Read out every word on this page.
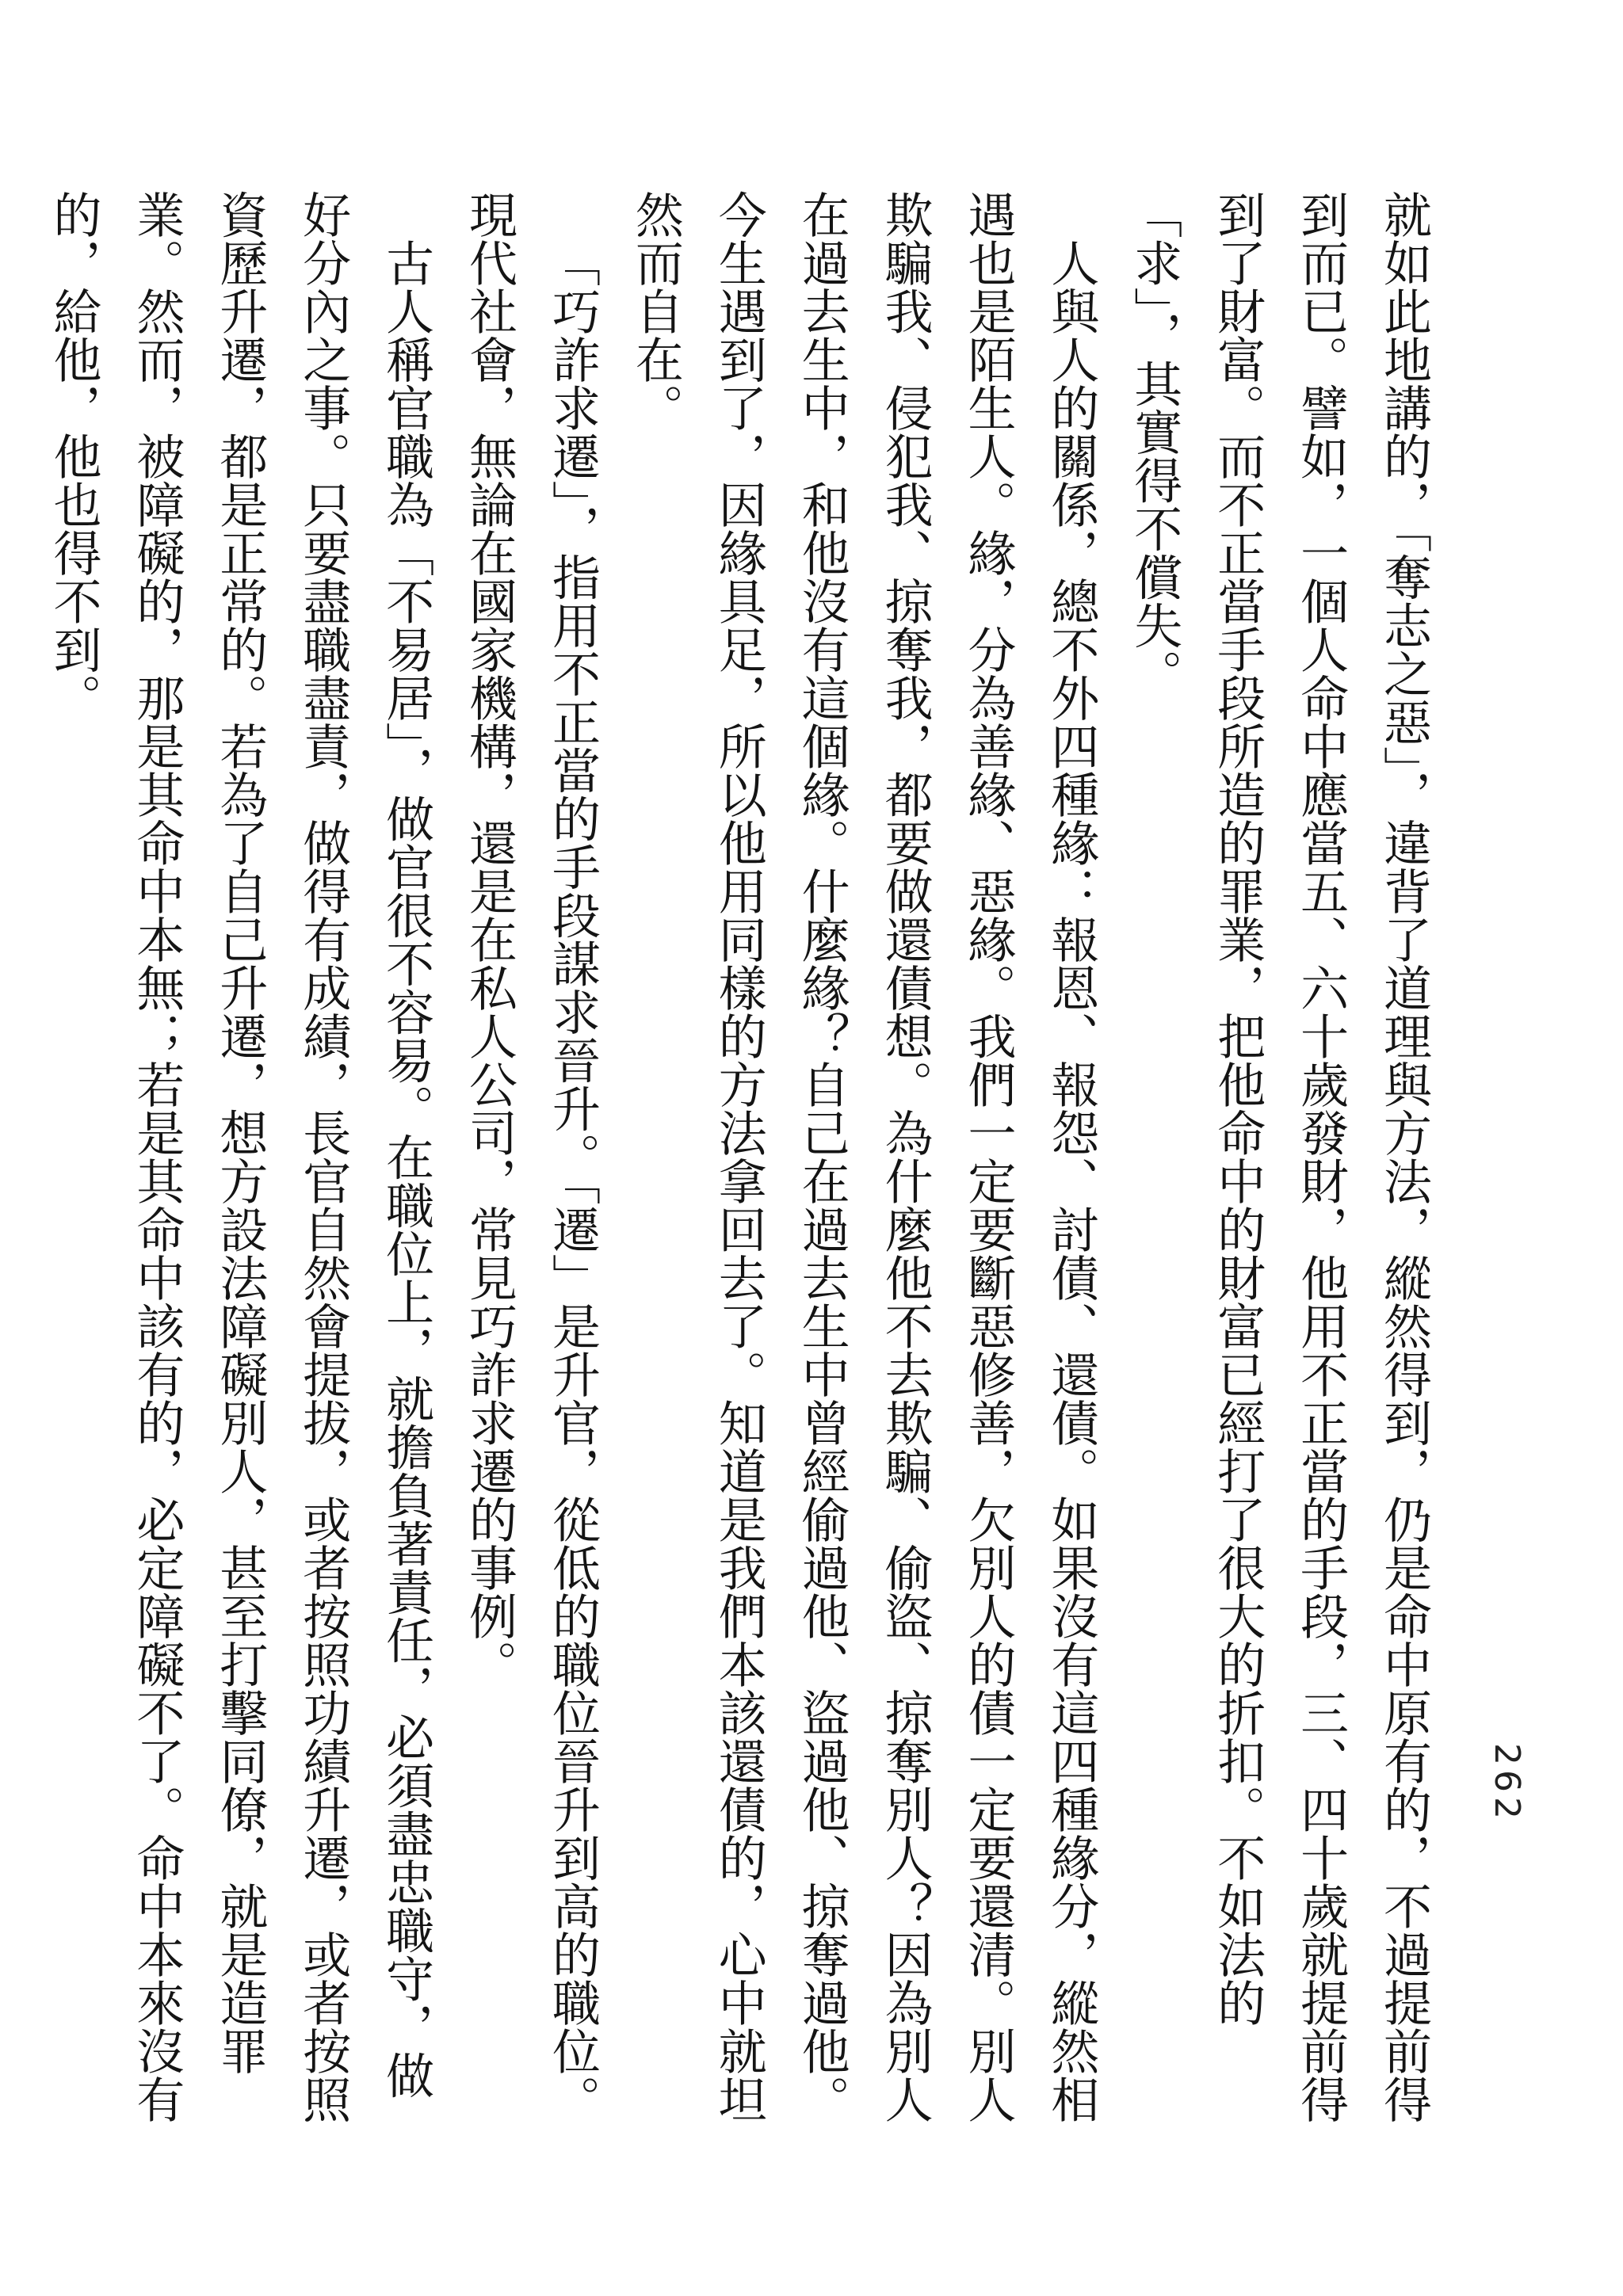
262

就如此地講的，「奪志之惡」，違背了道理與方法，縱然得到，仍是命中原有的，不過提前得到而已。譬如，一個人命中應當五、六十歲發財，他用不正當的手段，三、四十歲就提前得到了財富。而不正當手段所造的罪業，把他命中的財富已經打了很大的折扣。不如法的「求」，其實得不償失。

人與人的關係，總不外四種緣：報恩、報怨、討債、還債。如果沒有這四種緣分，縱然相遇也是陌生人。緣，分為善緣、惡緣。我們一定要斷惡修善，欠別人的債一定要還清。別人欺騙我、侵犯我、掠奪我，都要做還債想。為什麼他不去欺騙、偷盜、掠奪別人？因為別人在過去生中，和他沒有這個緣。什麼緣？自己在過去生中曾經偷過他、盜過他、掠奪過他。今生遇到了，因緣具足，所以他用同樣的方法拿回去了。知道是我們本該還債的，心中就坦然而自在。

「巧詐求遷」，指用不正當的手段謀求晉升。「遷」是升官，從低的職位晉升到高的職位。現代社會，無論在國家機構，還是在私人公司，常見巧詐求遷的事例。

古人稱官職為「不易居」，做官很不容易。在職位上，就擔負著責任，必須盡忠職守，做好分內之事。只要盡職盡責，做得有成績，長官自然會提拔，或者按照功績升遷，或者按照資歷升遷，都是正常的。若為了自己升遷，想方設法障礙別人，甚至打擊同僚，就是造罪業。然而，被障礙的，那是其命中本無；若是其命中該有的，必定障礙不了。命中本來沒有的，給他，他也得不到。
